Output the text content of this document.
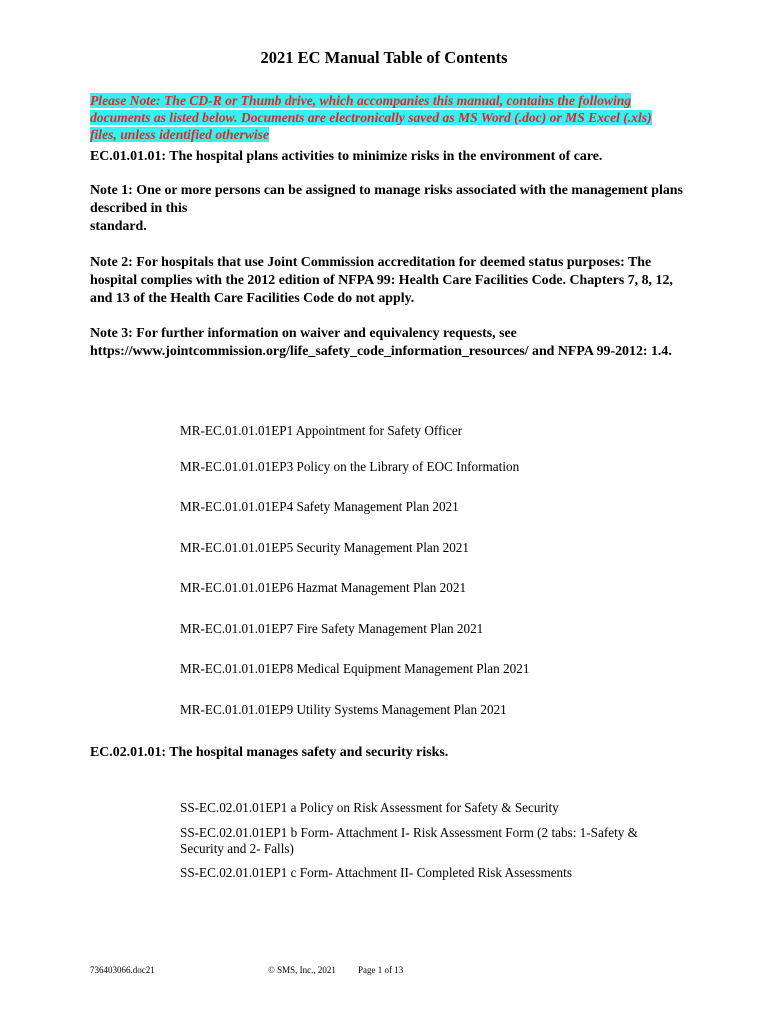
2021 EC Manual Table of Contents
Please Note: The CD-R or Thumb drive, which accompanies this manual, contains the following documents as listed below. Documents are electronically saved as MS Word (.doc) or MS Excel (.xls) files, unless identified otherwise
EC.01.01.01: The hospital plans activities to minimize risks in the environment of care.
Note 1: One or more persons can be assigned to manage risks associated with the management plans described in this
standard.
Note 2: For hospitals that use Joint Commission accreditation for deemed status purposes: The hospital complies with the 2012 edition of NFPA 99: Health Care Facilities Code. Chapters 7, 8, 12, and 13 of the Health Care Facilities Code do not apply.
Note 3: For further information on waiver and equivalency requests, see https://www.jointcommission.org/life_safety_code_information_resources/ and NFPA 99-2012: 1.4.
MR-EC.01.01.01EP1 Appointment for Safety Officer
MR-EC.01.01.01EP3 Policy on the Library of EOC Information
MR-EC.01.01.01EP4 Safety Management Plan 2021
MR-EC.01.01.01EP5 Security Management Plan 2021
MR-EC.01.01.01EP6 Hazmat Management Plan 2021
MR-EC.01.01.01EP7 Fire Safety Management Plan 2021
MR-EC.01.01.01EP8 Medical Equipment Management Plan 2021
MR-EC.01.01.01EP9 Utility Systems Management Plan 2021
EC.02.01.01: The hospital manages safety and security risks.
SS-EC.02.01.01EP1 a Policy on Risk Assessment for Safety & Security
SS-EC.02.01.01EP1 b Form- Attachment I- Risk Assessment Form (2 tabs: 1-Safety & Security and 2- Falls)
SS-EC.02.01.01EP1 c Form- Attachment II- Completed Risk Assessments
736403066.doc21	© SMS, Inc., 2021 Page 1 of 13
